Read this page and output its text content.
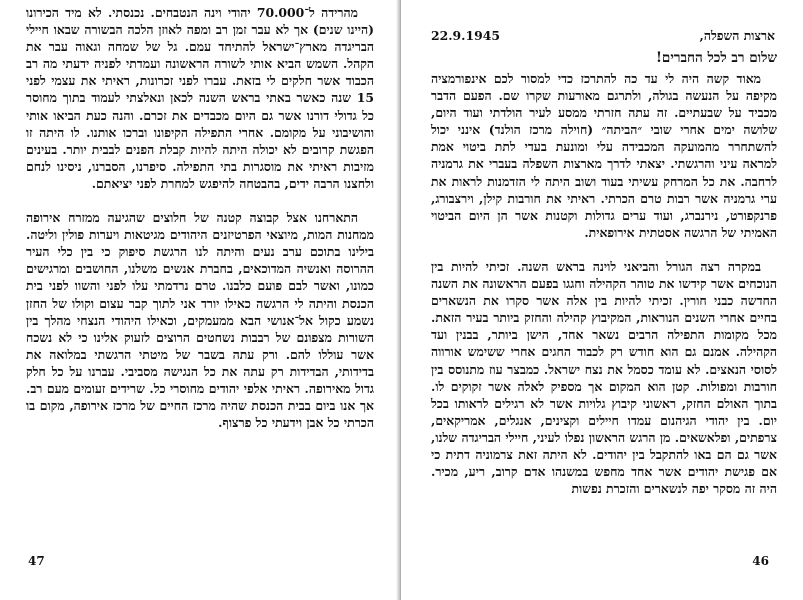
מהרידה ל־70.000 יהודי וינה הנטבחים. נכנסתי. לא מיד הכירונו (היינו שנים) אך לא עבר זמן רב ומפה לאוזן הלכה הבשורה שבאו חיילי הבריגדה מארץ־ישראל להתיחד עמם. גל של שמחה וגאוה עבר את הקהל. השמש הביא אותי לשורה הראשונה ועמדתי לפניה ידעתי מה רב הכבוד אשר חלקים לי בזאת. עברו לפני זכרונות, ראיתי את עצמי לפני 15 שנה כאשר באתי בראש השנה לכאן ונאלצתי לעמוד בתוך מחוסר כל גדולי דורנו אשר גם היום מכבדים את זכרם. והנה כעת הביאו אותי והושיבוני על מקומם. אחרי התפילה הקיפונו וברכו אותנו. לו היתה זו הפגשת קרובים לא יכולה היתה להיות קבלת הפנים לבבית יותר. בעינים מזיבות ראיתי את מוסגרות בתי התפילה. סיפרנו, הסברנו, ניסינו לנחם ולחצנו הרבה ידים, בהבטחה להיפגש למחרת לפני יציאתם.

התארחנו אצל קבוצה קטנה של חלוצים שהגיעה ממזרח אירופה ממחנות המות, מיוצאי הפרטיזנים היהודים מגיטאות ויערות פולין וליטה. בילינו בתוכם ערב נעים והיתה לנו הרגשת סיפוק כי בין כלי העיר ההרוסה ואנשיה המדוכאים, בחברת אנשים משלנו, החושבים ומרגישים כמונו, ואשר לבם פועם כלבנו. טרם נרדמתי עלו לפני והשוו לפני בית הכנסת והיתה לי הרגשה כאילו יורד אני לתוך קבר עצום וקולו של החזן נשמע כקול אל־אנושי הבא ממעמקים, וכאילו היהודי הנצחי מהלך בין השורות מצפונם של רבבות נשחטים הרוצים לזעוק אלינו כי לא נשכח אשר עוללו להם. ורק עתה בשבר של מיטתי הרגשתי במלואה את בדידותי, הבדידות רק עתה את כל הנגישה מסביבי. עברנו על כל חלק גדול מאירופה. ראיתי אלפי יהודים מחוסרי כל. שרידים זעומים מעם רב. אך אנו ביום בבית הכנסת שהיה מרכז החיים של מרכז אירופה, מקום בו הכרתי כל אבן וידעתי כל פרצוף.

47
ארצות השפלה,
22.9.1945
שלום רב לכל החברים!

מאוד קשה היה לי עד כה להתרכז כדי למסור לכם אינפורמציה מקיפה על הנעשה בגולה, ולתרגם מאורעות שקרו שם. הפעם הדבר מכביד על שבעתיים. זה עתה חזרתי ממסע לעיר הולדתי ועוד היום, שלושה ימים אחרי שובי ״הביתה״ (חוילה מרכז הולנד) אינני יכול להשתחרר מהמועקה המכבידה עלי ומונעת בעדי לתת ביטוי אמת למראה עיני והרגשתי. יצאתי לדרך מארצות השפלה בעברי את גרמניה לרחבה. את כל המרחק עשיתי בעוד ושוב היתה לי הזדמנות לראות את ערי גרמניה אשר רבות טרם הכרתי. ראיתי את חורבות קילן, וירצבורג, פרנקפורט, נירנברג, ועוד ערים גדולות וקטנות אשר הן היום הביטוי האמיתי של הרגשה אסטתית אירופאית.

במקרה רצה הגורל והביאני לוינה בראש השנה. זכיתי להיות בין הנוכחים אשר קידשו את טוהר הקהילה וחגגו בפעם הראשונה את השנה החדשה כבני חורין. זכיתי להיות בין אלה אשר סקרו את הנשארים בחיים אחרי השנים הנוראות, המקיבוץ קהילה והחזק ביותר בעיר הזאת. מכל מקומות התפילה הרבים נשאר אחד, הישן ביותר, בבנין ועד הקהילה. אמנם גם הוא חודש רק לכבוד החגים אחרי ששימש אורווה לסוסי הנאצים. לא עומד כסמל את נצח ישראל. כמבצר עוז מתנוסס בין חורבות ומפולות. קטן הוא המקום אך מספיק לאלה אשר זקוקים לו. בתוך האולם החזק, ראשוני קיבוץ גלויות אשר לא רגילים לראותו בכל יום. בין יהודי הגיהנום עמדו חיילים וקצינים, אנגלים, אמריקאים, צרפתים, ופלאשאים. מן הרגש הראשון נפלו לעיני, חיילי הבריגדה שלנו, אשר גם הם באו להתקבל בין יהודים. לא היתה זאת צרמוניה דתית כי אם פגישת יהודים אשר אחד מחפש במשנהו אדם קרוב, ריע, מכיר. היה זה מסקר יפה לנשארים והזכרת נפשות

46
